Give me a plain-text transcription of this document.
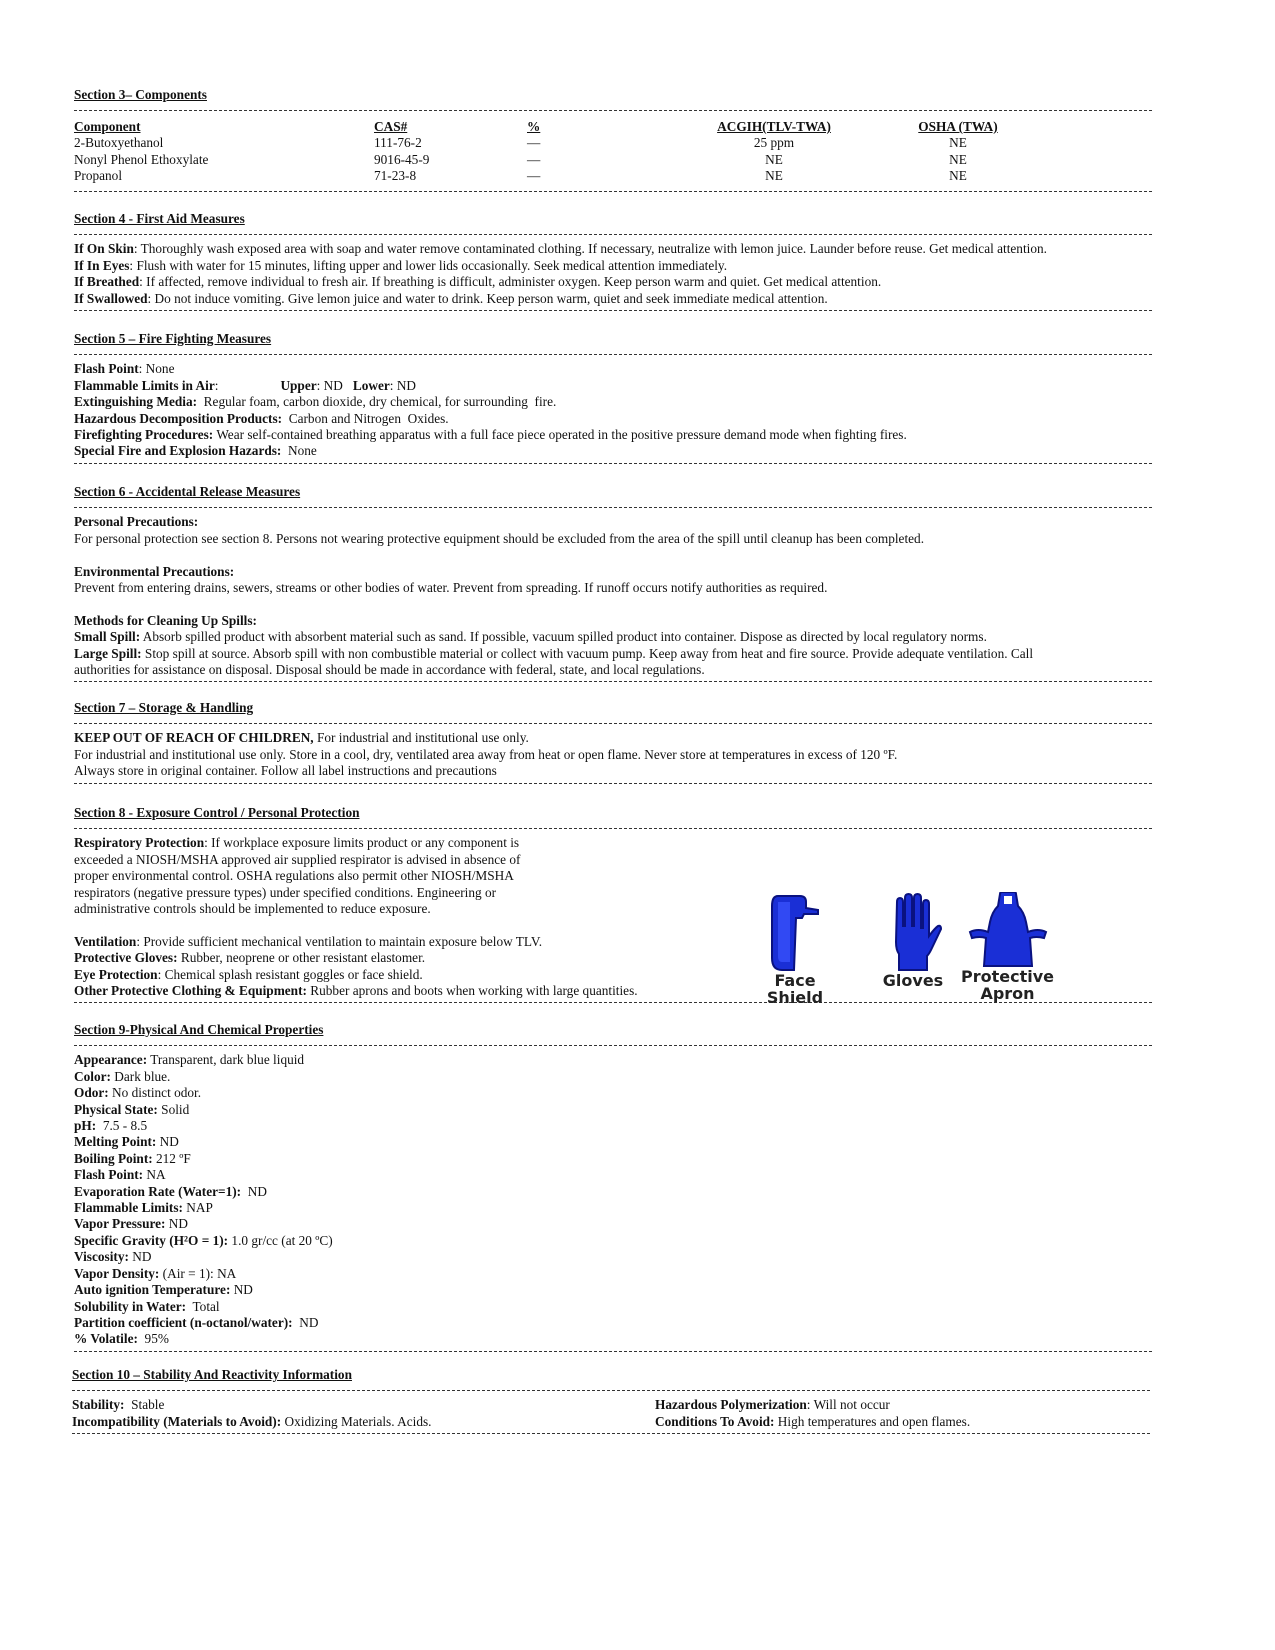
Section 3– Components
Component	CAS#	%	ACGIH(TLV-TWA)	OSHA (TWA)
2-Butoxyethanol	111-76-2	—	25 ppm	NE
Nonyl Phenol Ethoxylate	9016-45-9	—	NE	NE
Propanol	71-23-8	—	NE	NE
Section 4 - First Aid Measures
If On Skin: Thoroughly wash exposed area with soap and water remove contaminated clothing. If necessary, neutralize with lemon juice. Launder before reuse. Get medical attention.
If In Eyes: Flush with water for 15 minutes, lifting upper and lower lids occasionally. Seek medical attention immediately.
If Breathed: If affected, remove individual to fresh air. If breathing is difficult, administer oxygen. Keep person warm and quiet. Get medical attention.
If Swallowed: Do not induce vomiting. Give lemon juice and water to drink. Keep person warm, quiet and seek immediate medical attention.
Section 5 – Fire Fighting Measures
Flash Point: None
Flammable Limits in Air:	Upper: ND Lower: ND
Extinguishing Media:  Regular foam, carbon dioxide, dry chemical, for surrounding  fire.
Hazardous Decomposition Products:  Carbon and Nitrogen  Oxides.
Firefighting Procedures: Wear self-contained breathing apparatus with a full face piece operated in the positive pressure demand mode when fighting fires.
Special Fire and Explosion Hazards:  None
Section 6 - Accidental Release Measures
Personal Precautions:
For personal protection see section 8. Persons not wearing protective equipment should be excluded from the area of the spill until cleanup has been completed.
Environmental Precautions:
Prevent from entering drains, sewers, streams or other bodies of water. Prevent from spreading. If runoff occurs notify authorities as required.
Methods for Cleaning Up Spills:
Small Spill: Absorb spilled product with absorbent material such as sand. If possible, vacuum spilled product into container. Dispose as directed by local regulatory norms.
Large Spill: Stop spill at source. Absorb spill with non combustible material or collect with vacuum pump. Keep away from heat and fire source. Provide adequate ventilation. Call
authorities for assistance on disposal. Disposal should be made in accordance with federal, state, and local regulations.
Section 7 – Storage & Handling
KEEP OUT OF REACH OF CHILDREN, For industrial and institutional use only.
For industrial and institutional use only. Store in a cool, dry, ventilated area away from heat or open flame. Never store at temperatures in excess of 120 ºF.
Always store in original container. Follow all label instructions and precautions
Section 8 - Exposure Control / Personal Protection
Respiratory Protection: If workplace exposure limits product or any component is
exceeded a NIOSH/MSHA approved air supplied respirator is advised in absence of
proper environmental control. OSHA regulations also permit other NIOSH/MSHA
respirators (negative pressure types) under specified conditions. Engineering or
administrative controls should be implemented to reduce exposure.
Ventilation: Provide sufficient mechanical ventilation to maintain exposure below TLV.
Protective Gloves: Rubber, neoprene or other resistant elastomer.
Eye Protection: Chemical splash resistant goggles or face shield.
Other Protective Clothing & Equipment: Rubber aprons and boots when working with large quantities.
Face
Shield
Gloves	Protective
Apron
Section 9-Physical And Chemical Properties
Appearance: Transparent, dark blue liquid
Color: Dark blue.
Odor: No distinct odor.
Physical State: Solid
pH:  7.5 - 8.5
Melting Point: ND
Boiling Point: 212 ºF
Flash Point: NA
Evaporation Rate (Water=1):  ND
Flammable Limits: NAP
Vapor Pressure: ND
Specific Gravity (H²O = 1): 1.0 gr/cc (at 20 ºC)
Viscosity: ND
Vapor Density: (Air = 1): NA
Auto ignition Temperature: ND
Solubility in Water:  Total
Partition coefficient (n-octanol/water):  ND
% Volatile:  95%
Section 10 – Stability And Reactivity Information
Stability:  Stable
Incompatibility (Materials to Avoid): Oxidizing Materials. Acids.
Hazardous Polymerization: Will not occur
Conditions To Avoid: High temperatures and open flames.
